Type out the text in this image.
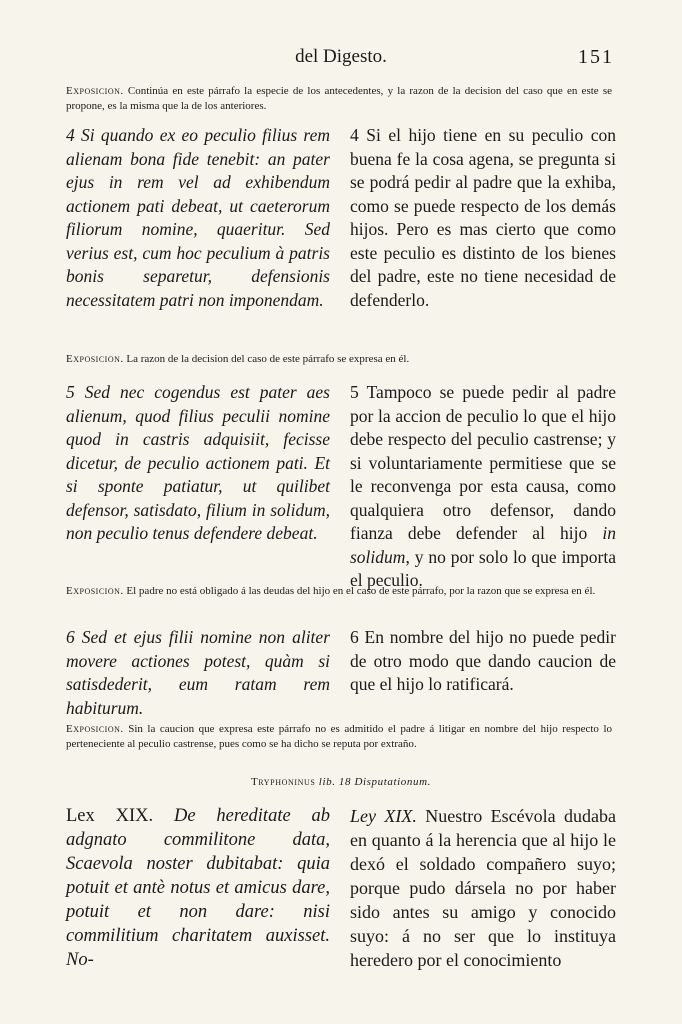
del Digesto.	151
Exposicion. Continúa en este párrafo la especie de los antecedentes, y la razon de la decision del caso que en este se propone, es la misma que la de los anteriores.
4 Si quando ex eo peculio filius rem alienam bona fide tenebit: an pater ejus in rem vel ad exhibendum actionem pati debeat, ut caeterorum filiorum nomine, quaeritur. Sed verius est, cum hoc peculium à patris bonis separetur, defensionis necessitatem patri non imponendam.
4 Si el hijo tiene en su peculio con buena fe la cosa agena, se pregunta si se podrá pedir al padre que la exhiba, como se puede respecto de los demás hijos. Pero es mas cierto que como este peculio es distinto de los bienes del padre, este no tiene necesidad de defenderlo.
Exposicion. La razon de la decision del caso de este párrafo se expresa en él.
5 Sed nec cogendus est pater aes alienum, quod filius peculii nomine quod in castris adquisiit, fecisse dicetur, de peculio actionem pati. Et si sponte patiatur, ut quilibet defensor, satisdato, filium in solidum, non peculio tenus defendere debeat.
5 Tampoco se puede pedir al padre por la accion de peculio lo que el hijo debe respecto del peculio castrense; y si voluntariamente permitiese que se le reconvenga por esta causa, como qualquiera otro defensor, dando fianza debe defender al hijo in solidum, y no por solo lo que importa el peculio.
Exposicion. El padre no está obligado á las deudas del hijo en el caso de este párrafo, por la razon que se expresa en él.
6 Sed et ejus filii nomine non aliter movere actiones potest, quàm si satisdederit, eum ratam rem habiturum.
6 En nombre del hijo no puede pedir de otro modo que dando caucion de que el hijo lo ratificará.
Exposicion. Sin la caucion que expresa este párrafo no es admitido el padre á litigar en nombre del hijo respecto lo perteneciente al peculio castrense, pues como se ha dicho se reputa por extraño.
Tryphoninus lib. 18 Disputationum.
Lex XIX. De hereditate ab adgnato commilitone data, Scaevola noster dubitabat: quia potuit et antè notus et amicus dare, potuit et non dare: nisi commilitium charitatem auxisset. No-
Ley XIX. Nuestro Escévola dudaba en quanto á la herencia que al hijo le dexó el soldado compañero suyo; porque pudo dársela no por haber sido antes su amigo y conocido suyo: á no ser que lo instituya heredero por el conocimiento
